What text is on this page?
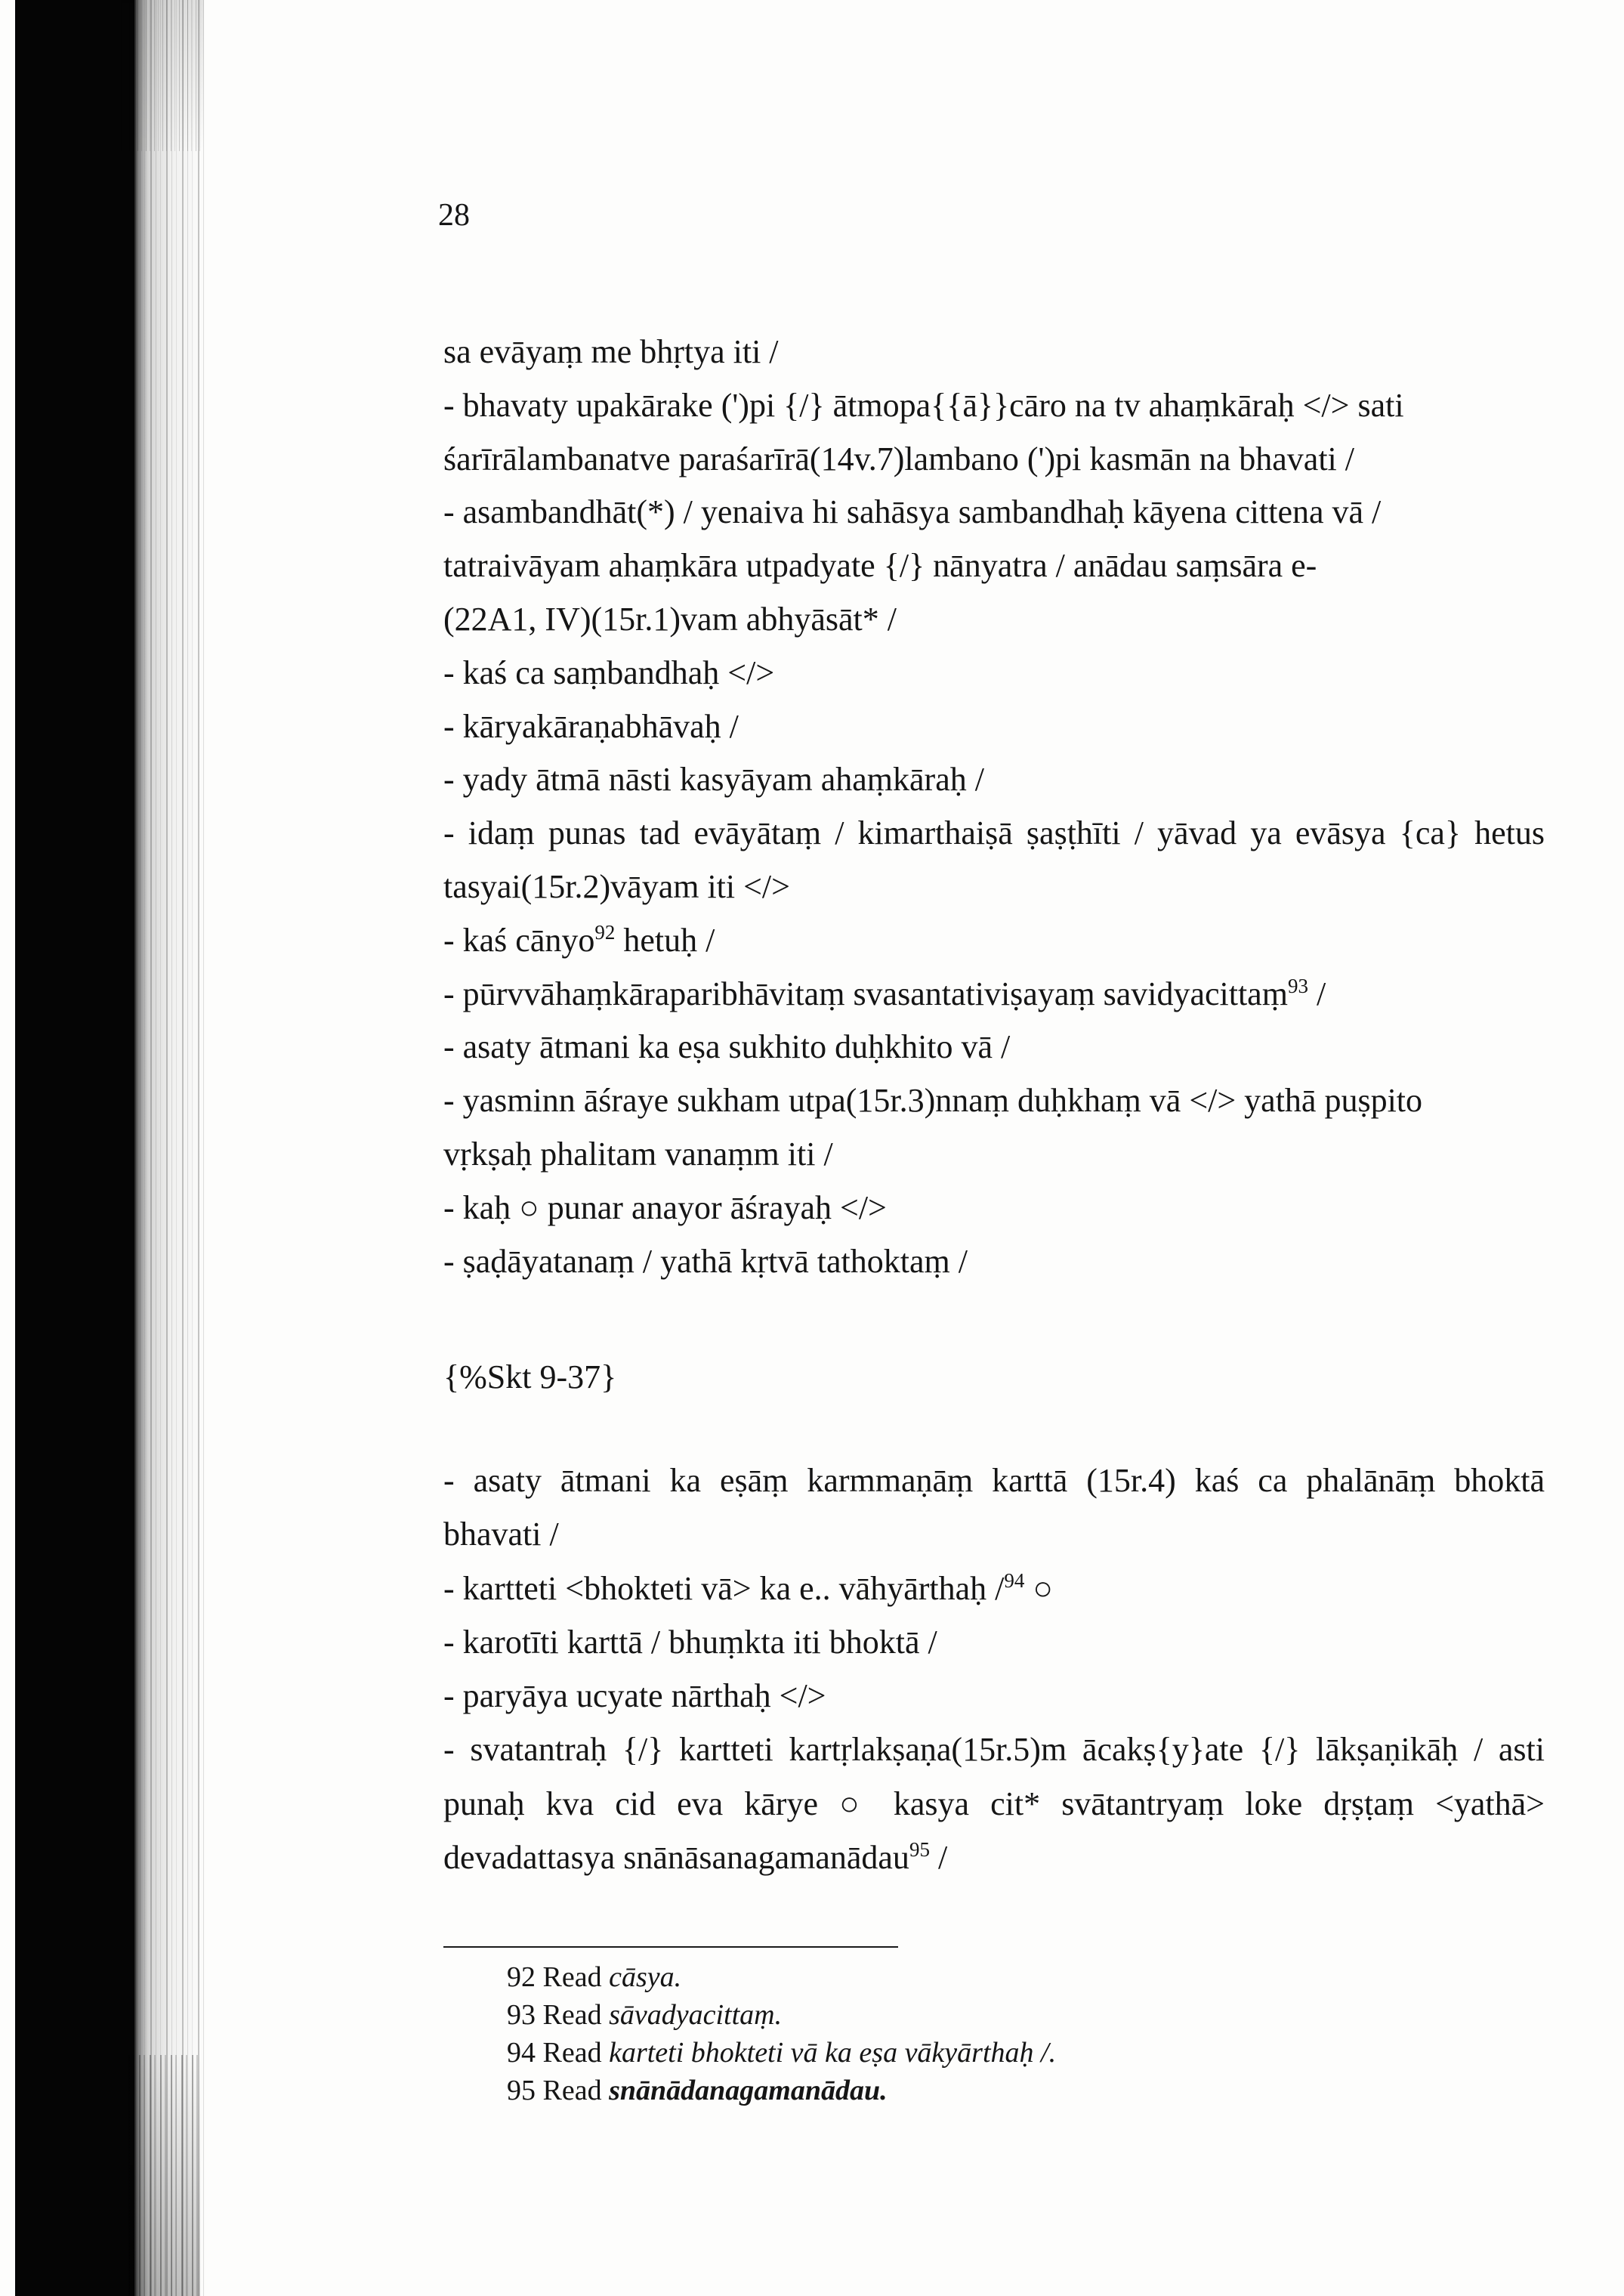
28
sa evāyaṃ me bhṛtya iti /
- bhavaty upakārake (')pi {/} ātmopa{{ā}}cāro na tv ahaṃkāraḥ </> sati
śarīrālambanatve paraśarīrā(14v.7)lambano (')pi kasmān na bhavati /
- asambandhāt(*) / yenaiva hi sahāsya sambandhaḥ kāyena cittena vā /
tatraivāyam ahaṃkāra utpadyate {/} nānyatra / anādau saṃsāra e-
(22A1, IV)(15r.1)vam abhyāsāt* /
- kaś ca saṃbandhaḥ </>
- kāryakāraṇabhāvaḥ /
- yady ātmā nāsti kasyāyam ahaṃkāraḥ /
- idaṃ punas tad evāyātaṃ / kimarthaiṣā ṣaṣṭhīti / yāvad ya evāsya {ca} hetus
tasyai(15r.2)vāyam iti </>
- kaś cānyo$^{92}$ hetuḥ /
- pūrvvāhaṃkāraparibhāvitaṃ svasantativiṣayaṃ savidyacittaṃ$^{93}$ /
- asaty ātmani ka eṣa sukhito duḥkhito vā /
- yasminn āśraye sukham utpa(15r.3)nnaṃ duḥkhaṃ vā </> yathā puṣpito
vṛkṣaḥ phalitam vanaṃm iti /
- kaḥ ○ punar anayor āśrayaḥ </>
- ṣaḍāyatanaṃ / yathā kṛtvā tathoktaṃ /
{%Skt 9-37}
- asaty ātmani ka eṣāṃ karmmaṇāṃ karttā (15r.4) kaś ca phalānāṃ bhoktā
bhavati /
- kartteti <bhokteti vā> ka e.. vāhyārthaḥ /$^{94}$ ○
- karotīti karttā / bhuṃkta iti bhoktā /
- paryāya ucyate nārthaḥ </>
- svatantraḥ {/} kartteti kartṛlakṣaṇa(15r.5)m ācakṣ{y}ate {/} lākṣaṇikāḥ / asti
punaḥ kva cid eva kārye ○ kasya cit* svātantryaṃ loke dṛṣṭaṃ <yathā>
devadattasya snānāsanagamanādau$^{95}$ /
92 Read cāsya.
93 Read sāvadyacittaṃ.
94 Read karteti bhokteti vā ka eṣa vākyārthaḥ /.
95 Read snānādanagamanādau.
